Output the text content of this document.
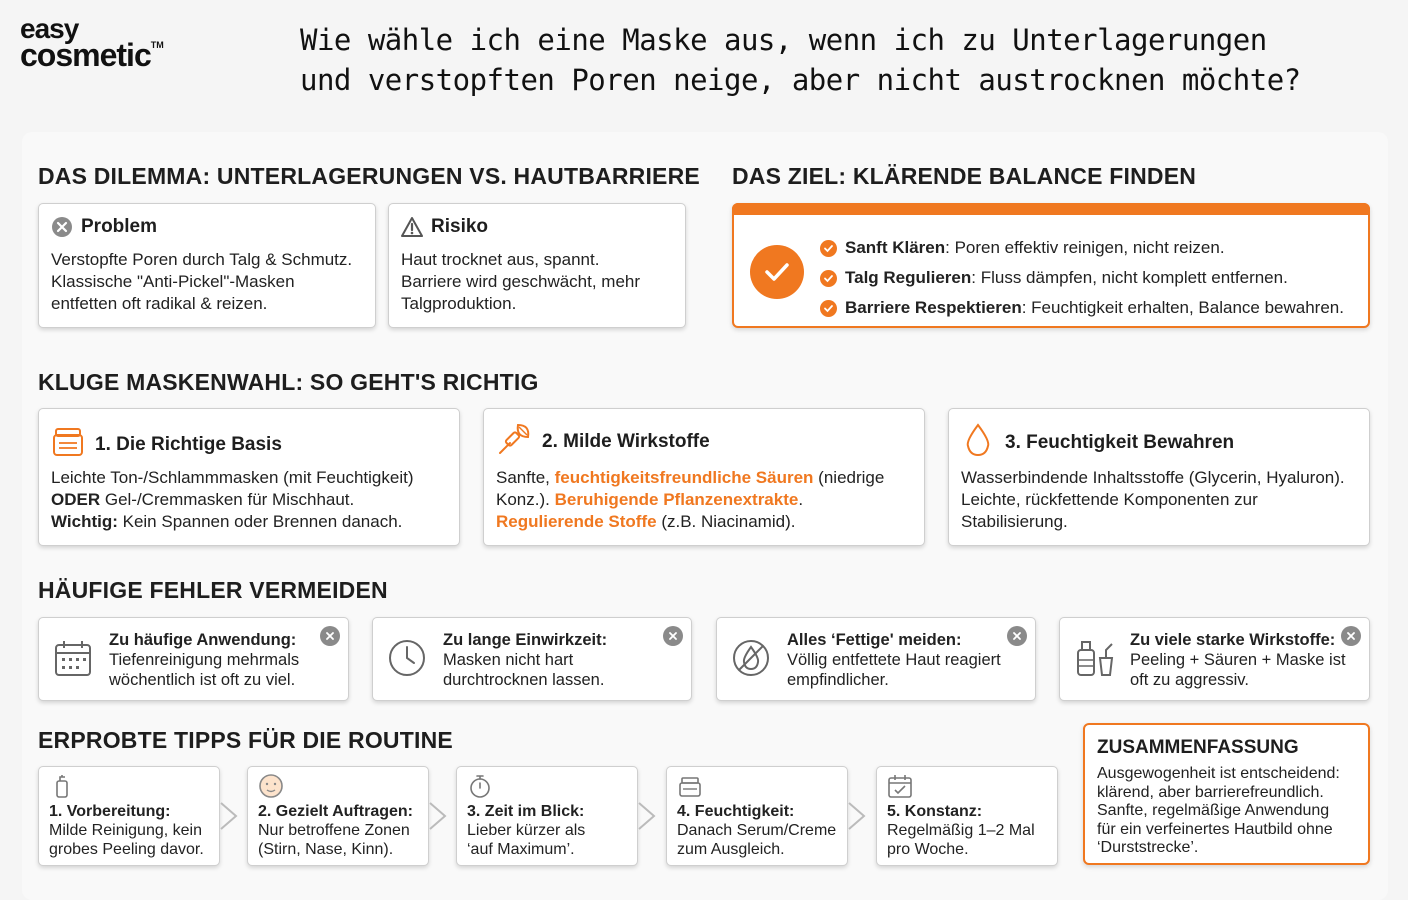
easy
cosmetic™	Wie wähle ich eine Maske aus, wenn ich zu Unterlagerungen
und verstopften Poren neige, aber nicht austrocknen möchte?
DAS DILEMMA: UNTERLAGERUNGEN VS. HAUTBARRIERE
Problem
Verstopfte Poren durch Talg & Schmutz.
Klassische "Anti-Pickel"-Masken
entfetten oft radikal & reizen.
Risiko
Haut trocknet aus, spannt.
Barriere wird geschwächt, mehr
Talgproduktion.
DAS ZIEL: KLÄRENDE BALANCE FINDEN
Sanft Klären: Poren effektiv reinigen, nicht reizen.
Talg Regulieren: Fluss dämpfen, nicht komplett entfernen.
Barriere Respektieren: Feuchtigkeit erhalten, Balance bewahren.
KLUGE MASKENWAHL: SO GEHT'S RICHTIG
1. Die Richtige Basis
Leichte Ton-/Schlammmasken (mit Feuchtigkeit)
ODER Gel-/Cremmasken für Mischhaut.
Wichtig: Kein Spannen oder Brennen danach.
2. Milde Wirkstoffe
Sanfte, feuchtigkeitsfreundliche Säuren (niedrige
Konz.). Beruhigende Pflanzenextrakte.
Regulierende Stoffe (z.B. Niacinamid).
3. Feuchtigkeit Bewahren
Wasserbindende Inhaltsstoffe (Glycerin, Hyaluron).
Leichte, rückfettende Komponenten zur
Stabilisierung.
HÄUFIGE FEHLER VERMEIDEN
Zu häufige Anwendung:
Tiefenreinigung mehrmals
wöchentlich ist oft zu viel.
Zu lange Einwirkzeit:
Masken nicht hart
durchtrocknen lassen.
Alles ‘Fettige' meiden:
Völlig entfettete Haut reagiert
empfindlicher.
Zu viele starke Wirkstoffe:
Peeling + Säuren + Maske ist
oft zu aggressiv.
ERPROBTE TIPPS FÜR DIE ROUTINE
1. Vorbereitung:
Milde Reinigung, kein
grobes Peeling davor.
2. Gezielt Auftragen:
Nur betroffene Zonen
(Stirn, Nase, Kinn).
3. Zeit im Blick:
Lieber kürzer als
‘auf Maximum’.
4. Feuchtigkeit:
Danach Serum/Creme
zum Ausgleich.
5. Konstanz:
Regelmäßig 1–2 Mal
pro Woche.
ZUSAMMENFASSUNG

Ausgewogenheit ist entscheidend:
klärend, aber barrierefreundlich.
Sanfte, regelmäßige Anwendung
für ein verfeinertes Hautbild ohne
‘Durststrecke’.
